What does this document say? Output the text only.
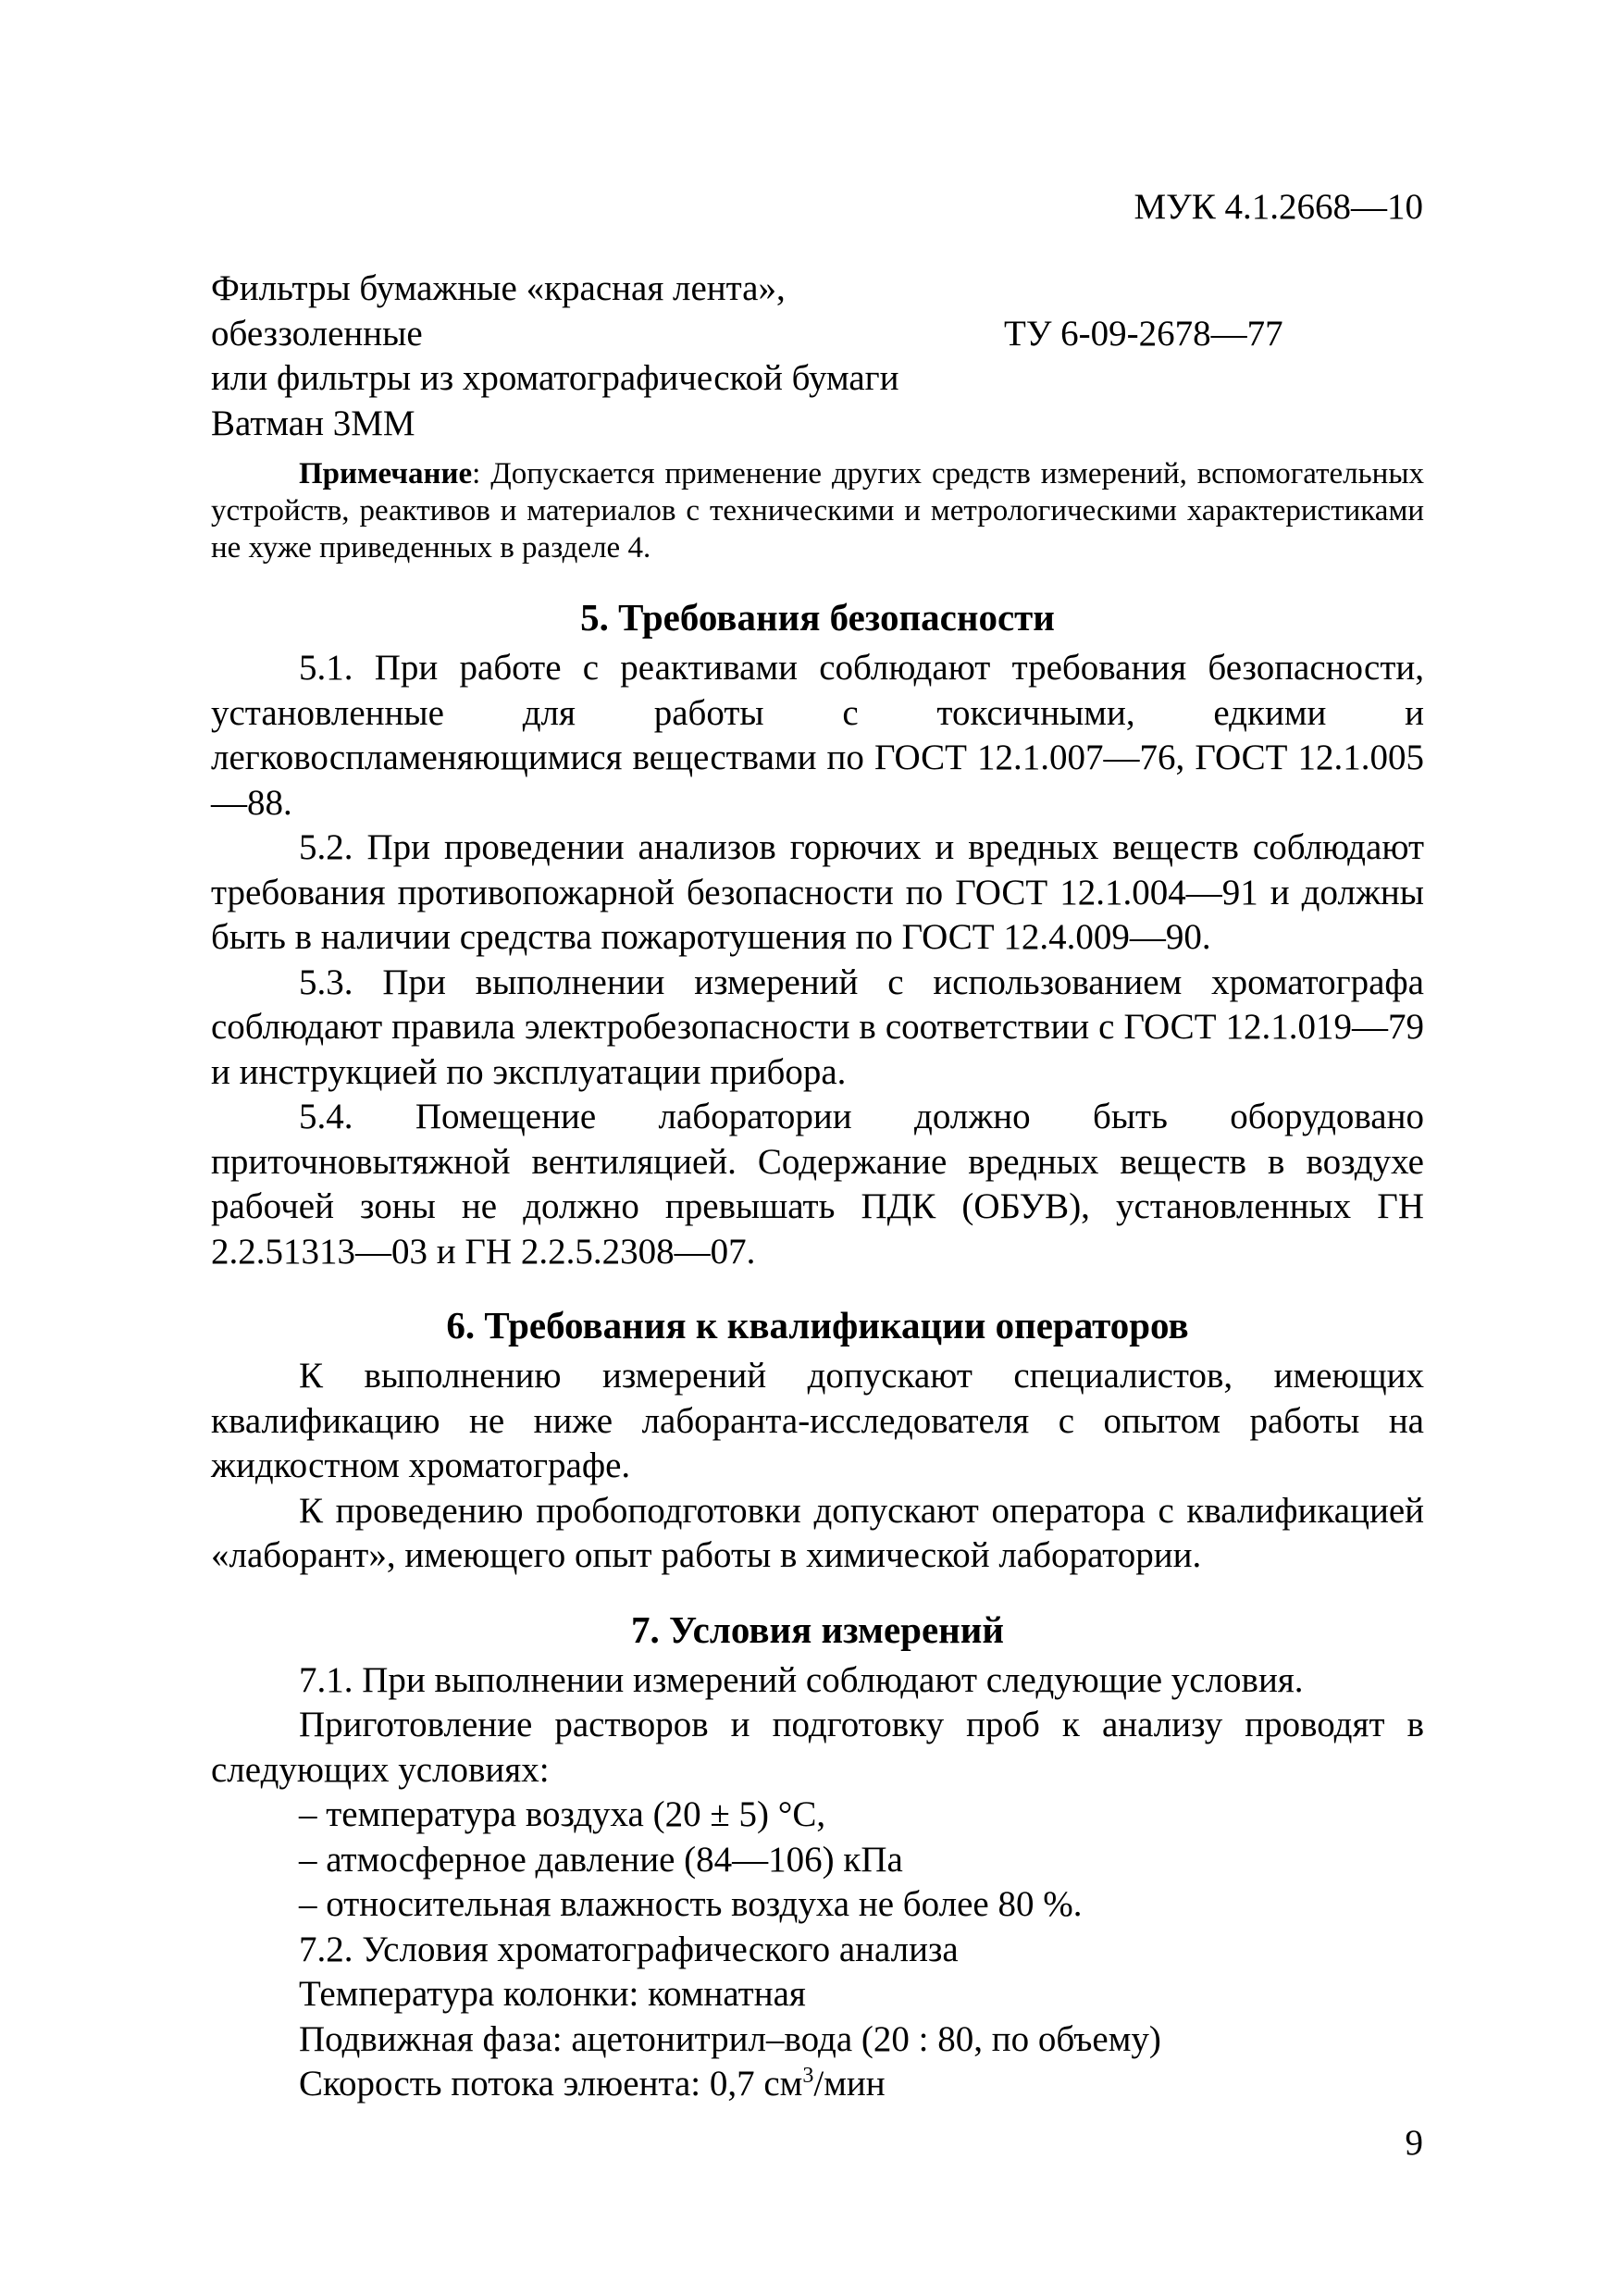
МУК 4.1.2668—10
Фильтры бумажные «красная лента»,
обеззоленные
или фильтры из хроматографической бумаги
Ватман 3ММ
ТУ 6-09-2678—77

Примечание: Допускается применение других средств измерений, вспомогательных устройств, реактивов и материалов с техническими и метрологическими характеристиками не хуже приведенных в разделе 4.

5. Требования безопасности

5.1. При работе с реактивами соблюдают требования безопасности, установленные для работы с токсичными, едкими и легковоспламеняющимися веществами по ГОСТ 12.1.007—76, ГОСТ 12.1.005—88.

5.2. При проведении анализов горючих и вредных веществ соблюдают требования противопожарной безопасности по ГОСТ 12.1.004—91 и должны быть в наличии средства пожаротушения по ГОСТ 12.4.009—90.

5.3. При выполнении измерений с использованием хроматографа соблюдают правила электробезопасности в соответствии с ГОСТ 12.1.019—79 и инструкцией по эксплуатации прибора.

5.4. Помещение лаборатории должно быть оборудовано приточновытяжной вентиляцией. Содержание вредных веществ в воздухе рабочей зоны не должно превышать ПДК (ОБУВ), установленных ГН 2.2.51313—03 и ГН 2.2.5.2308—07.

6. Требования к квалификации операторов

К выполнению измерений допускают специалистов, имеющих квалификацию не ниже лаборанта-исследователя с опытом работы на жидкостном хроматографе.

К проведению пробоподготовки допускают оператора с квалификацией «лаборант», имеющего опыт работы в химической лаборатории.

7. Условия измерений

7.1. При выполнении измерений соблюдают следующие условия.

Приготовление растворов и подготовку проб к анализу проводят в следующих условиях:

– температура воздуха (20 ± 5) °С,
– атмосферное давление (84—106) кПа
– относительная влажность воздуха не более 80 %.
7.2. Условия хроматографического анализа
Температура колонки: комнатная
Подвижная фаза: ацетонитрил–вода (20 : 80, по объему)
Скорость потока элюента: 0,7 $см^3$/мин
9
